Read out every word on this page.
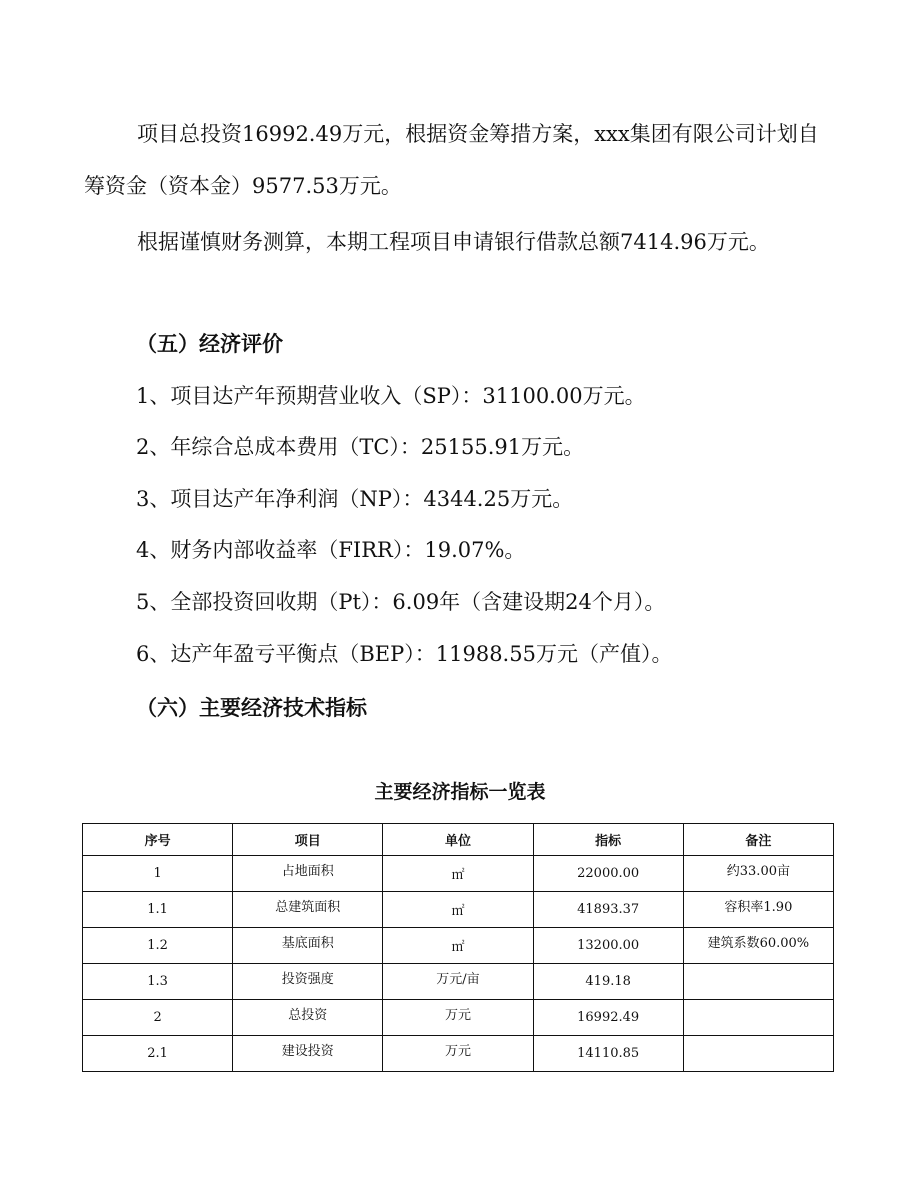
项目总投资16992.49万元，根据资金筹措方案，xxx集团有限公司计划自筹资金（资本金）9577.53万元。
根据谨慎财务测算，本期工程项目申请银行借款总额7414.96万元。
（五）经济评价
1、项目达产年预期营业收入（SP）：31100.00万元。
2、年综合总成本费用（TC）：25155.91万元。
3、项目达产年净利润（NP）：4344.25万元。
4、财务内部收益率（FIRR）：19.07%。
5、全部投资回收期（Pt）：6.09年（含建设期24个月）。
6、达产年盈亏平衡点（BEP）：11988.55万元（产值）。
（六）主要经济技术指标
主要经济指标一览表
序号	项目	单位	指标	备注
1	占地面积	㎡	22000.00	约33.00亩
1.1	总建筑面积	㎡	41893.37	容积率1.90
1.2	基底面积	㎡	13200.00	建筑系数60.00%
1.3	投资强度	万元/亩	419.18	
2	总投资	万元	16992.49	
2.1	建设投资	万元	14110.85	
